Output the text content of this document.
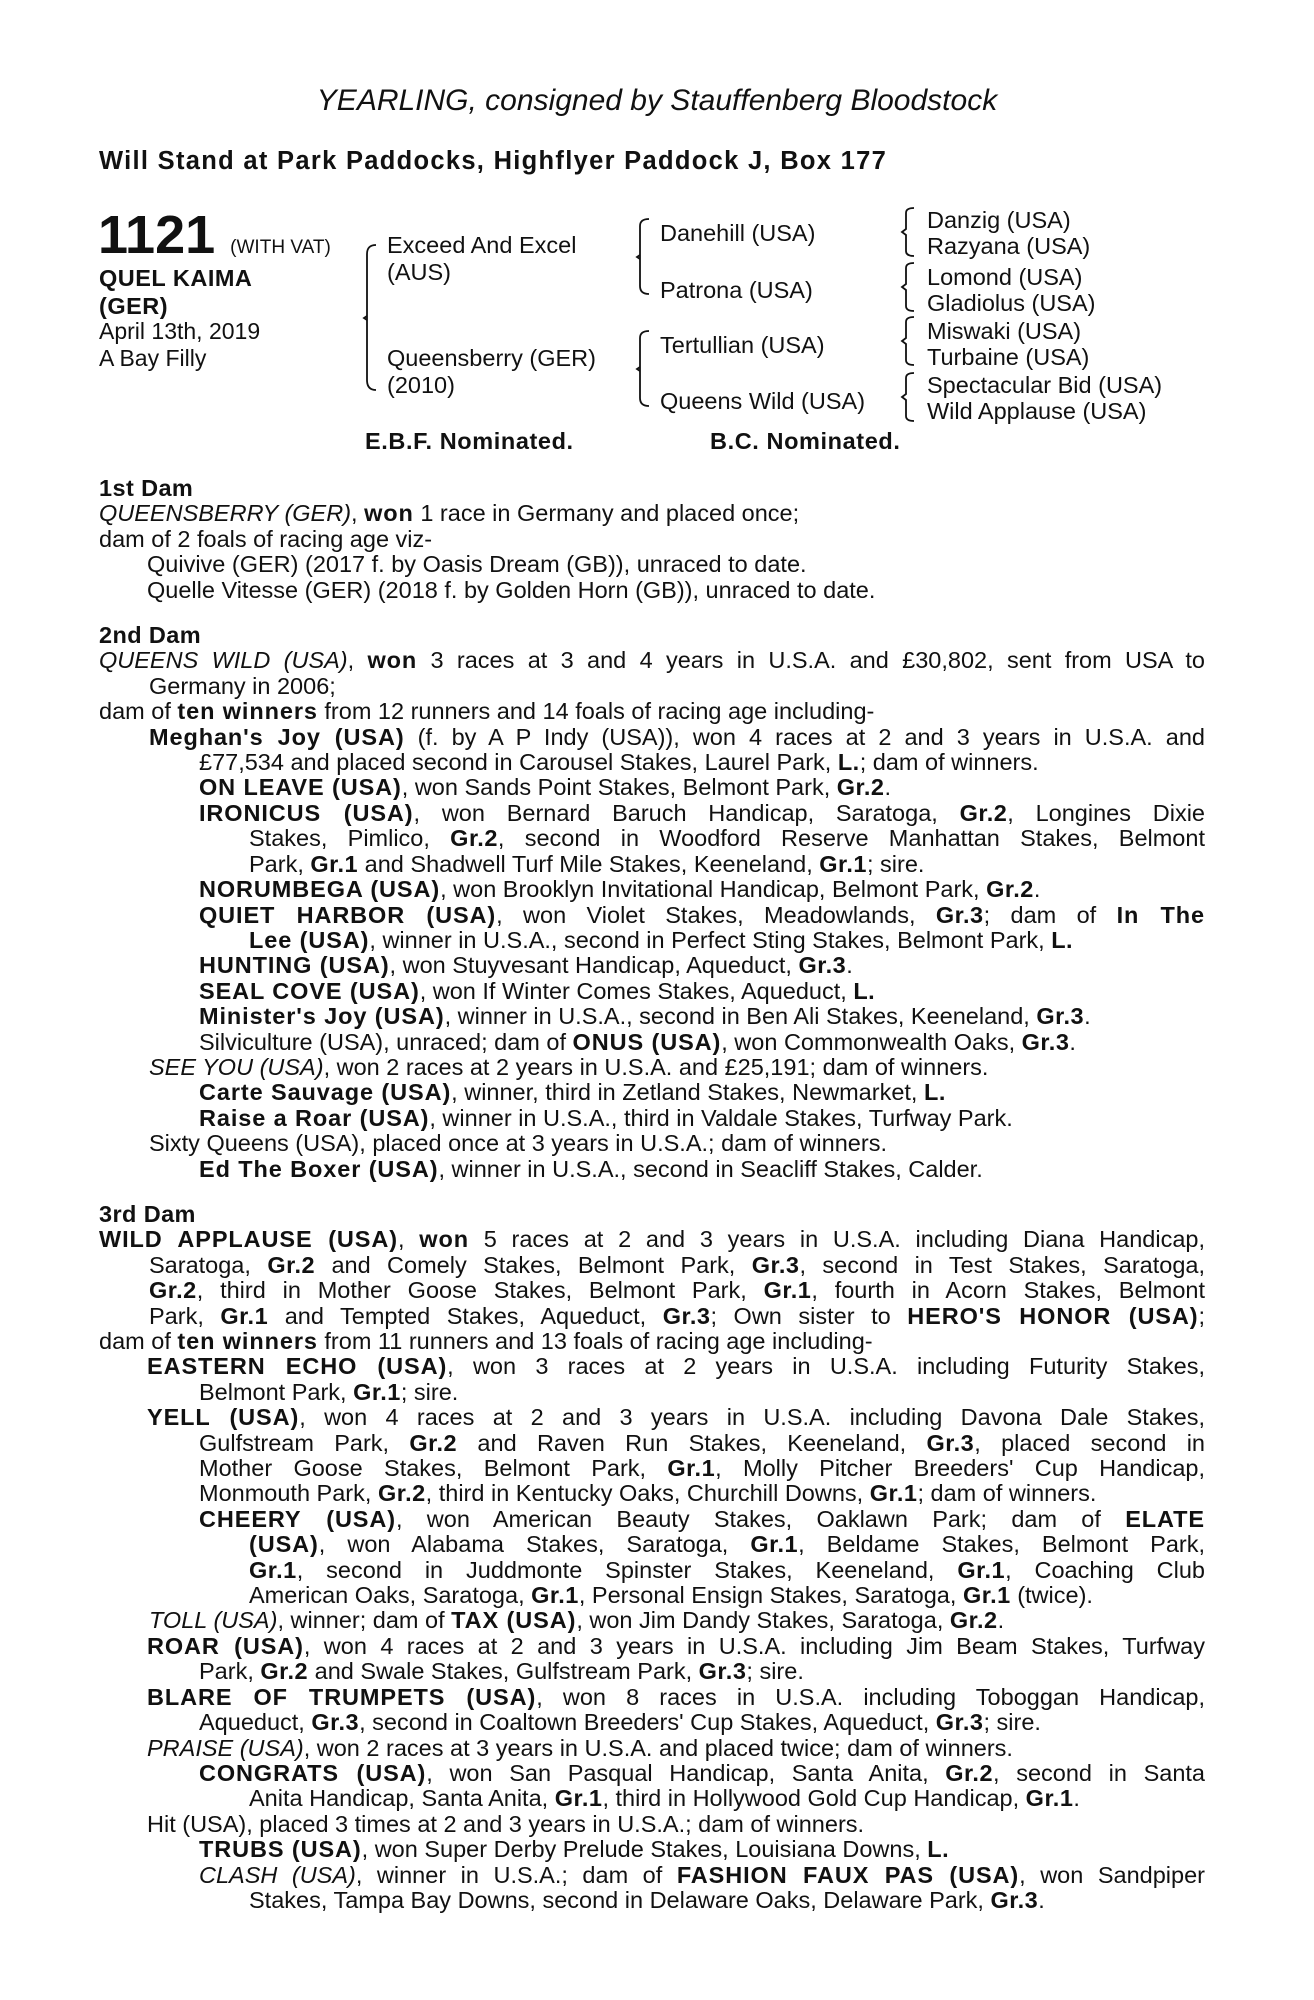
YEARLING, consigned by Stauffenberg Bloodstock
Will Stand at Park Paddocks, Highflyer Paddock J, Box 177
1121 (WITH VAT)
QUEL KAIMA
(GER)
April 13th, 2019
A Bay Filly
Exceed And Excel
(AUS)
Queensberry (GER)
(2010)
Danehill (USA)
Patrona (USA)
Tertullian (USA)
Queens Wild (USA)
Danzig (USA)
Razyana (USA)
Lomond (USA)
Gladiolus (USA)
Miswaki (USA)
Turbaine (USA)
Spectacular Bid (USA)
Wild Applause (USA)
E.B.F. Nominated.	B.C. Nominated.
1st Dam
QUEENSBERRY (GER), won 1 race in Germany and placed once;
dam of 2 foals of racing age viz-
Quivive (GER) (2017 f. by Oasis Dream (GB)), unraced to date.
Quelle Vitesse (GER) (2018 f. by Golden Horn (GB)), unraced to date.
2nd Dam
QUEENS WILD (USA), won 3 races at 3 and 4 years in U.S.A. and £30,802, sent from USA to
Germany in 2006;
dam of ten winners from 12 runners and 14 foals of racing age including-
Meghan's Joy (USA) (f. by A P Indy (USA)), won 4 races at 2 and 3 years in U.S.A. and
£77,534 and placed second in Carousel Stakes, Laurel Park, L.; dam of winners.
ON LEAVE (USA), won Sands Point Stakes, Belmont Park, Gr.2.
IRONICUS (USA), won Bernard Baruch Handicap, Saratoga, Gr.2, Longines Dixie
Stakes, Pimlico, Gr.2, second in Woodford Reserve Manhattan Stakes, Belmont
Park, Gr.1 and Shadwell Turf Mile Stakes, Keeneland, Gr.1; sire.
NORUMBEGA (USA), won Brooklyn Invitational Handicap, Belmont Park, Gr.2.
QUIET HARBOR (USA), won Violet Stakes, Meadowlands, Gr.3; dam of In The
Lee (USA), winner in U.S.A., second in Perfect Sting Stakes, Belmont Park, L.
HUNTING (USA), won Stuyvesant Handicap, Aqueduct, Gr.3.
SEAL COVE (USA), won If Winter Comes Stakes, Aqueduct, L.
Minister's Joy (USA), winner in U.S.A., second in Ben Ali Stakes, Keeneland, Gr.3.
Silviculture (USA), unraced; dam of ONUS (USA), won Commonwealth Oaks, Gr.3.
SEE YOU (USA), won 2 races at 2 years in U.S.A. and £25,191; dam of winners.
Carte Sauvage (USA), winner, third in Zetland Stakes, Newmarket, L.
Raise a Roar (USA), winner in U.S.A., third in Valdale Stakes, Turfway Park.
Sixty Queens (USA), placed once at 3 years in U.S.A.; dam of winners.
Ed The Boxer (USA), winner in U.S.A., second in Seacliff Stakes, Calder.
3rd Dam
WILD APPLAUSE (USA), won 5 races at 2 and 3 years in U.S.A. including Diana Handicap,
Saratoga, Gr.2 and Comely Stakes, Belmont Park, Gr.3, second in Test Stakes, Saratoga,
Gr.2, third in Mother Goose Stakes, Belmont Park, Gr.1, fourth in Acorn Stakes, Belmont
Park, Gr.1 and Tempted Stakes, Aqueduct, Gr.3; Own sister to HERO'S HONOR (USA);
dam of ten winners from 11 runners and 13 foals of racing age including-
EASTERN ECHO (USA), won 3 races at 2 years in U.S.A. including Futurity Stakes,
Belmont Park, Gr.1; sire.
YELL (USA), won 4 races at 2 and 3 years in U.S.A. including Davona Dale Stakes,
Gulfstream Park, Gr.2 and Raven Run Stakes, Keeneland, Gr.3, placed second in
Mother Goose Stakes, Belmont Park, Gr.1, Molly Pitcher Breeders' Cup Handicap,
Monmouth Park, Gr.2, third in Kentucky Oaks, Churchill Downs, Gr.1; dam of winners.
CHEERY (USA), won American Beauty Stakes, Oaklawn Park; dam of ELATE
(USA), won Alabama Stakes, Saratoga, Gr.1, Beldame Stakes, Belmont Park,
Gr.1, second in Juddmonte Spinster Stakes, Keeneland, Gr.1, Coaching Club
American Oaks, Saratoga, Gr.1, Personal Ensign Stakes, Saratoga, Gr.1 (twice).
TOLL (USA), winner; dam of TAX (USA), won Jim Dandy Stakes, Saratoga, Gr.2.
ROAR (USA), won 4 races at 2 and 3 years in U.S.A. including Jim Beam Stakes, Turfway
Park, Gr.2 and Swale Stakes, Gulfstream Park, Gr.3; sire.
BLARE OF TRUMPETS (USA), won 8 races in U.S.A. including Toboggan Handicap,
Aqueduct, Gr.3, second in Coaltown Breeders' Cup Stakes, Aqueduct, Gr.3; sire.
PRAISE (USA), won 2 races at 3 years in U.S.A. and placed twice; dam of winners.
CONGRATS (USA), won San Pasqual Handicap, Santa Anita, Gr.2, second in Santa
Anita Handicap, Santa Anita, Gr.1, third in Hollywood Gold Cup Handicap, Gr.1.
Hit (USA), placed 3 times at 2 and 3 years in U.S.A.; dam of winners.
TRUBS (USA), won Super Derby Prelude Stakes, Louisiana Downs, L.
CLASH (USA), winner in U.S.A.; dam of FASHION FAUX PAS (USA), won Sandpiper
Stakes, Tampa Bay Downs, second in Delaware Oaks, Delaware Park, Gr.3.
